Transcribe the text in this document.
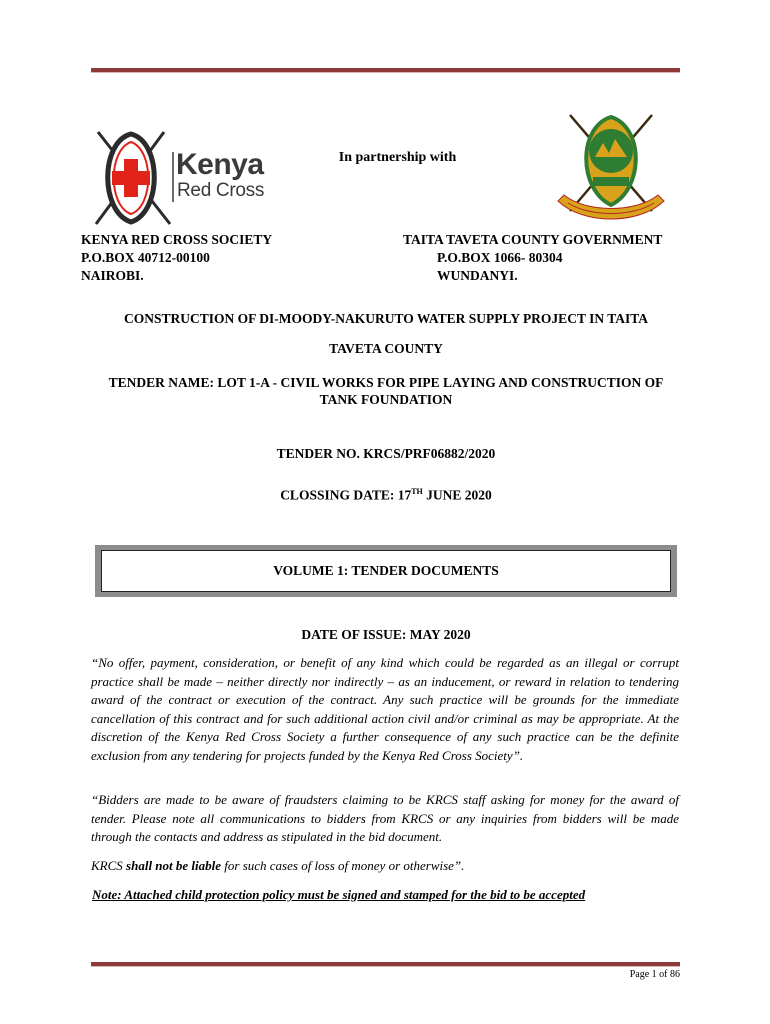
Kenya
Red Cross
In partnership with
KENYA RED CROSS SOCIETY
P.O.BOX 40712-00100
NAIROBI.
TAITA TAVETA COUNTY GOVERNMENT
P.O.BOX 1066- 80304
WUNDANYI.
CONSTRUCTION OF DI-MOODY-NAKURUTO WATER SUPPLY PROJECT IN TAITA
TAVETA COUNTY
TENDER NAME: LOT 1-A - CIVIL WORKS FOR PIPE LAYING AND CONSTRUCTION OF TANK FOUNDATION
TENDER NO. KRCS/PRF06882/2020
CLOSSING DATE: 17TH JUNE 2020
VOLUME 1: TENDER DOCUMENTS
DATE OF ISSUE: MAY 2020
“No offer, payment, consideration, or benefit of any kind which could be regarded as an illegal or corrupt practice shall be made – neither directly nor indirectly – as an inducement, or reward in relation to tendering award of the contract or execution of the contract. Any such practice will be grounds for the immediate cancellation of this contract and for such additional action civil and/or criminal as may be appropriate. At the discretion of the Kenya Red Cross Society a further consequence of any such practice can be the definite exclusion from any tendering for projects funded by the Kenya Red Cross Society”.
“Bidders are made to be aware of fraudsters claiming to be KRCS staff asking for money for the award of tender. Please note all communications to bidders from KRCS or any inquiries from bidders will be made through the contacts and address as stipulated in the bid document.
KRCS shall not be liable for such cases of loss of money or otherwise”.
Note: Attached child protection policy must be signed and stamped for the bid to be accepted
Page 1 of 86
